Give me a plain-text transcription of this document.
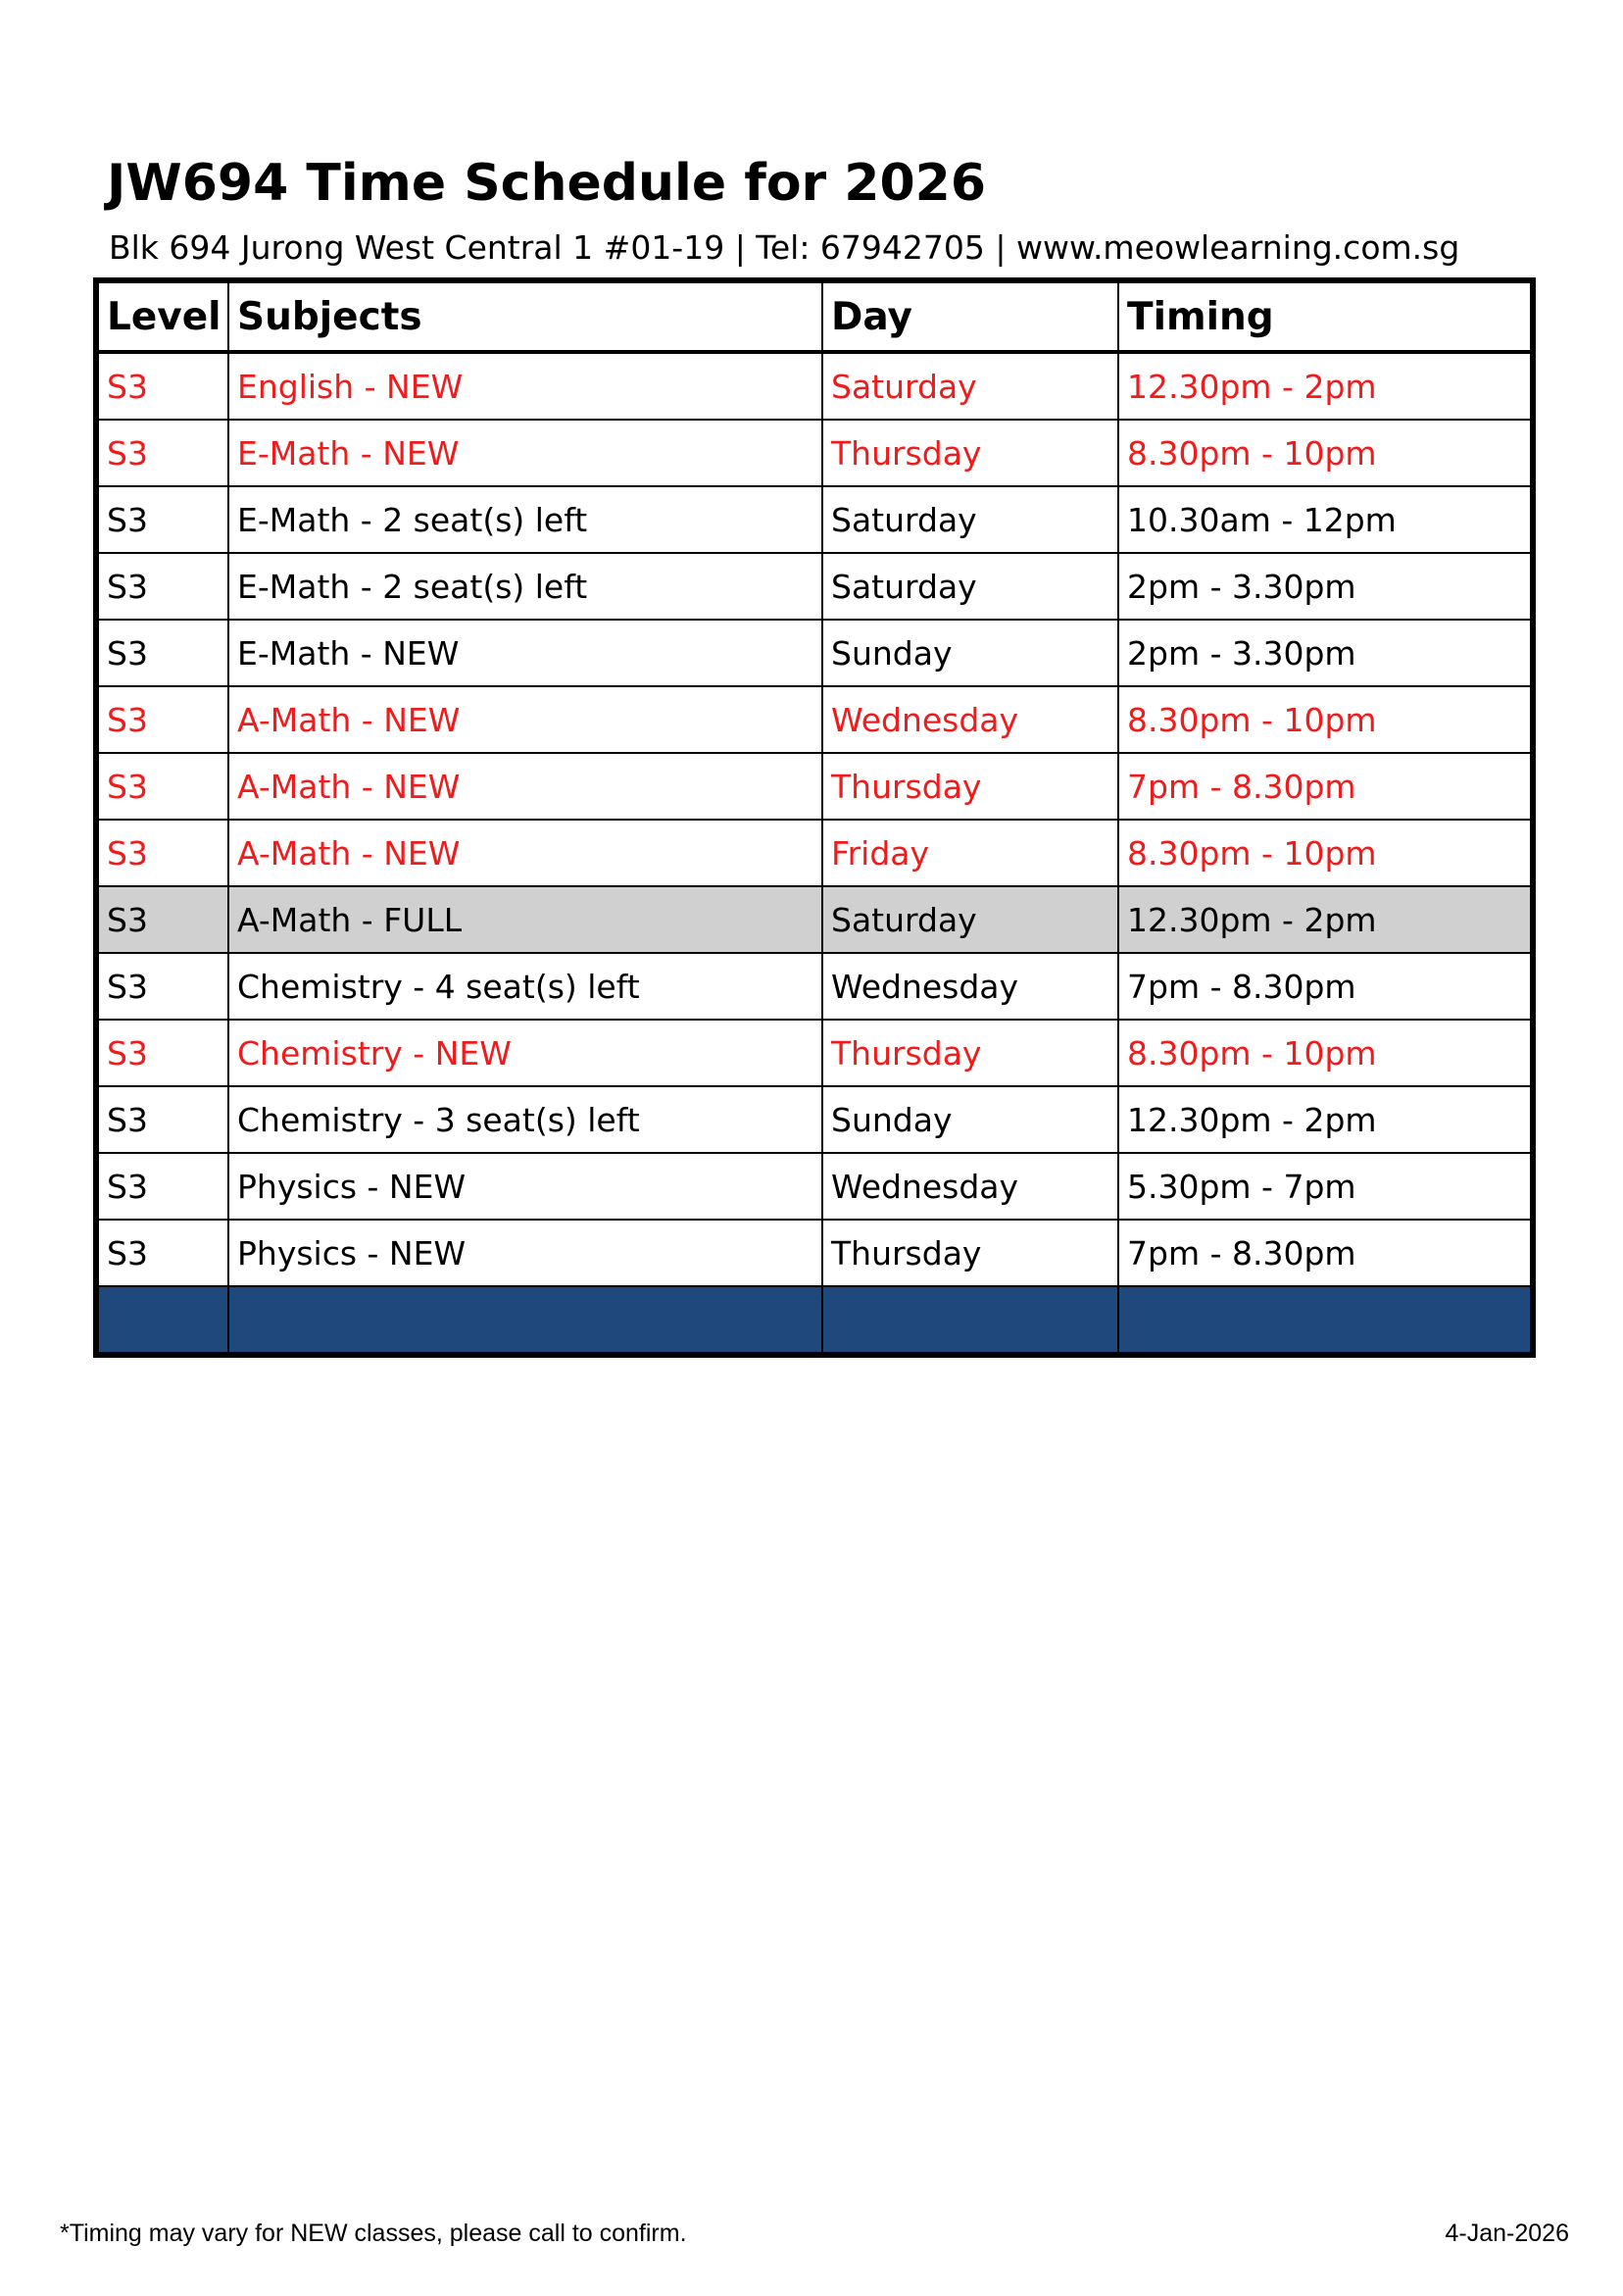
JW694 Time Schedule for 2026
Blk 694 Jurong West Central 1 #01-19 | Tel: 67942705 | www.meowlearning.com.sg
Level	Subjects	Day	Timing
S3	English - NEW	Saturday	12.30pm - 2pm
S3	E-Math - NEW	Thursday	8.30pm - 10pm
S3	E-Math - 2 seat(s) left	Saturday	10.30am - 12pm
S3	E-Math - 2 seat(s) left	Saturday	2pm - 3.30pm
S3	E-Math - NEW	Sunday	2pm - 3.30pm
S3	A-Math - NEW	Wednesday	8.30pm - 10pm
S3	A-Math - NEW	Thursday	7pm - 8.30pm
S3	A-Math - NEW	Friday	8.30pm - 10pm
S3	A-Math - FULL	Saturday	12.30pm - 2pm
S3	Chemistry - 4 seat(s) left	Wednesday	7pm - 8.30pm
S3	Chemistry - NEW	Thursday	8.30pm - 10pm
S3	Chemistry - 3 seat(s) left	Sunday	12.30pm - 2pm
S3	Physics - NEW	Wednesday	5.30pm - 7pm
S3	Physics - NEW	Thursday	7pm - 8.30pm

*Timing may vary for NEW classes, please call to confirm.	4-Jan-2026
